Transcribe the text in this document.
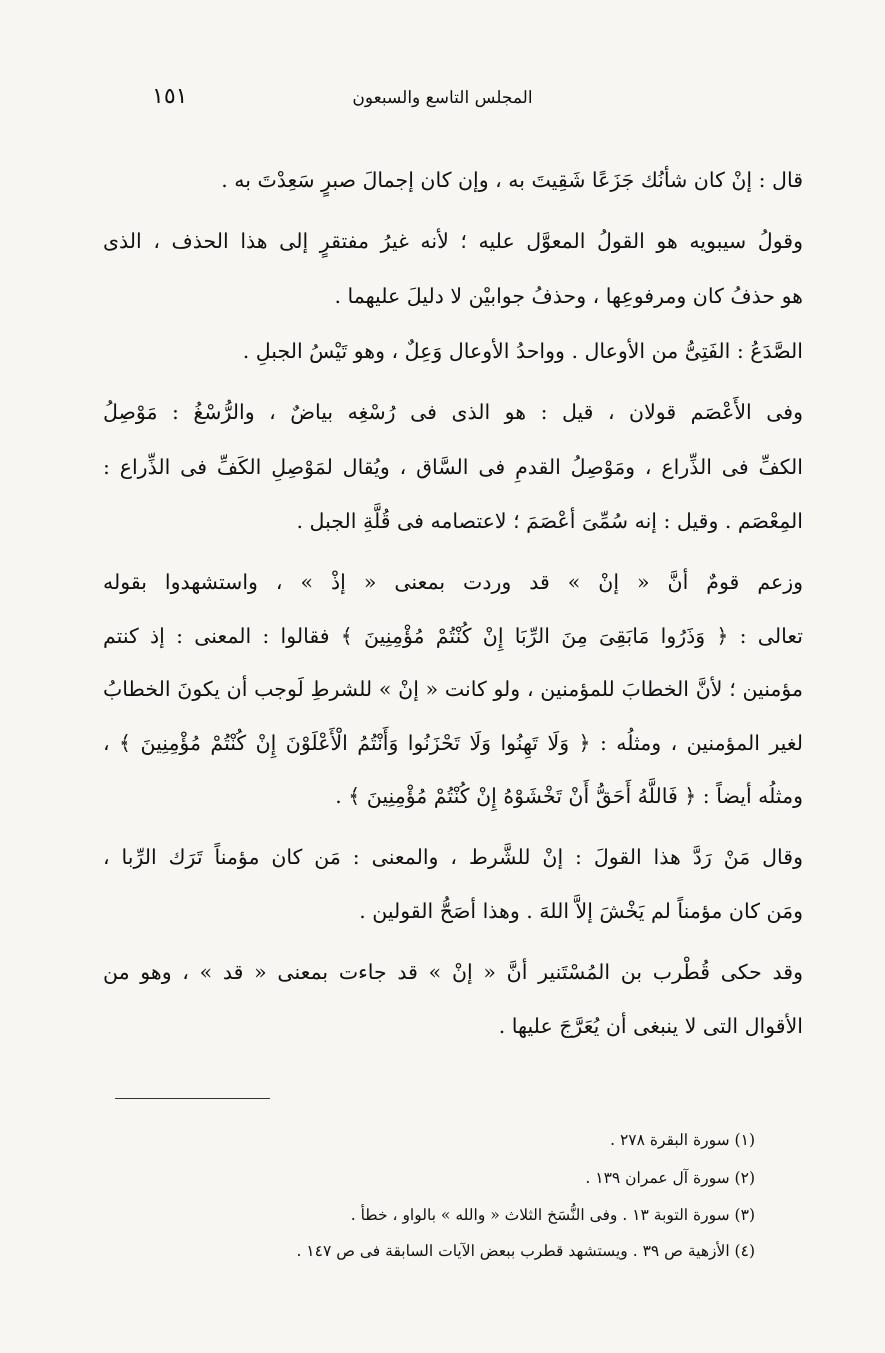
المجلس التاسع والسبعون
١٥١
قال : إنْ كان شأنُك جَزَعًا شَقِيتَ به ، وإن كان إجمالَ صبرٍ سَعِدْتَ به .
وقولُ سيبويه هو القولُ المعوَّل عليه ؛ لأنه غيرُ مفتقرٍ إلى هذا الحذف ، الذى
هو حذفُ كان ومرفوعِها ، وحذفُ جوابيْن لا دليلَ عليهما .
الصَّدَعُ : الفَتِىُّ من الأوعال . وواحدُ الأوعال وَعِلٌ ، وهو تَيْسُ الجبلِ .
وفى الأَعْصَم قولان ، قيل : هو الذى فى رُسْغِه بياضٌ ، والرُّسْغُ : مَوْصِلُ
الكفِّ فى الذِّراع ، ومَوْصِلُ القدمِ فى السَّاق ، ويُقال لمَوْصِلِ الكَفِّ فى الذِّراع :
المِعْصَم . وقيل : إنه سُمِّىَ أعْصَمَ ؛ لاعتصامه فى قُلَّةِ الجبل .
وزعم قومٌ أنَّ « إنْ » قد وردت بمعنى « إذْ » ، واستشهدوا بقوله
تعالى : ﴿ وَذَرُوا مَابَقِىَ مِنَ الرِّبَا إِنْ كُنْتُمْ مُؤْمِنِينَ ﴾ فقالوا : المعنى : إذ كنتم
مؤمنين ؛ لأنَّ الخطابَ للمؤمنين ، ولو كانت « إنْ » للشرطِ لَوجب أن يكونَ الخطابُ
لغير المؤمنين ، ومثلُه : ﴿ وَلَا تَهِنُوا وَلَا تَحْزَنُوا وَأَنْتُمُ الْأَعْلَوْنَ إِنْ كُنْتُمْ مُؤْمِنِينَ ﴾ ،
ومثلُه أيضاً : ﴿ فَاللَّهُ أَحَقُّ أَنْ تَخْشَوْهُ إِنْ كُنْتُمْ مُؤْمِنِينَ ﴾ .
وقال مَنْ رَدَّ هذا القولَ : إنْ للشَّرط ، والمعنى : مَن كان مؤمناً تَرَك الرِّبا ،
ومَن كان مؤمناً لم يَخْشَ إلاَّ اللهَ . وهذا أصَحُّ القولين .
وقد حكى قُطْرب بن المُسْتَنير أنَّ « إنْ » قد جاءت بمعنى « قد » ، وهو من
الأقوال التى لا ينبغى أن يُعَرَّجَ عليها .
(١) سورة البقرة ٢٧٨ .
(٢) سورة آل عمران ١٣٩ .
(٣) سورة التوبة ١٣ . وفى النُّسَخ الثلاث « والله » بالواو ، خطأ .
(٤) الأزهية ص ٣٩ . ويستشهد قطرب ببعض الآيات السابقة فى ص ١٤٧ .
